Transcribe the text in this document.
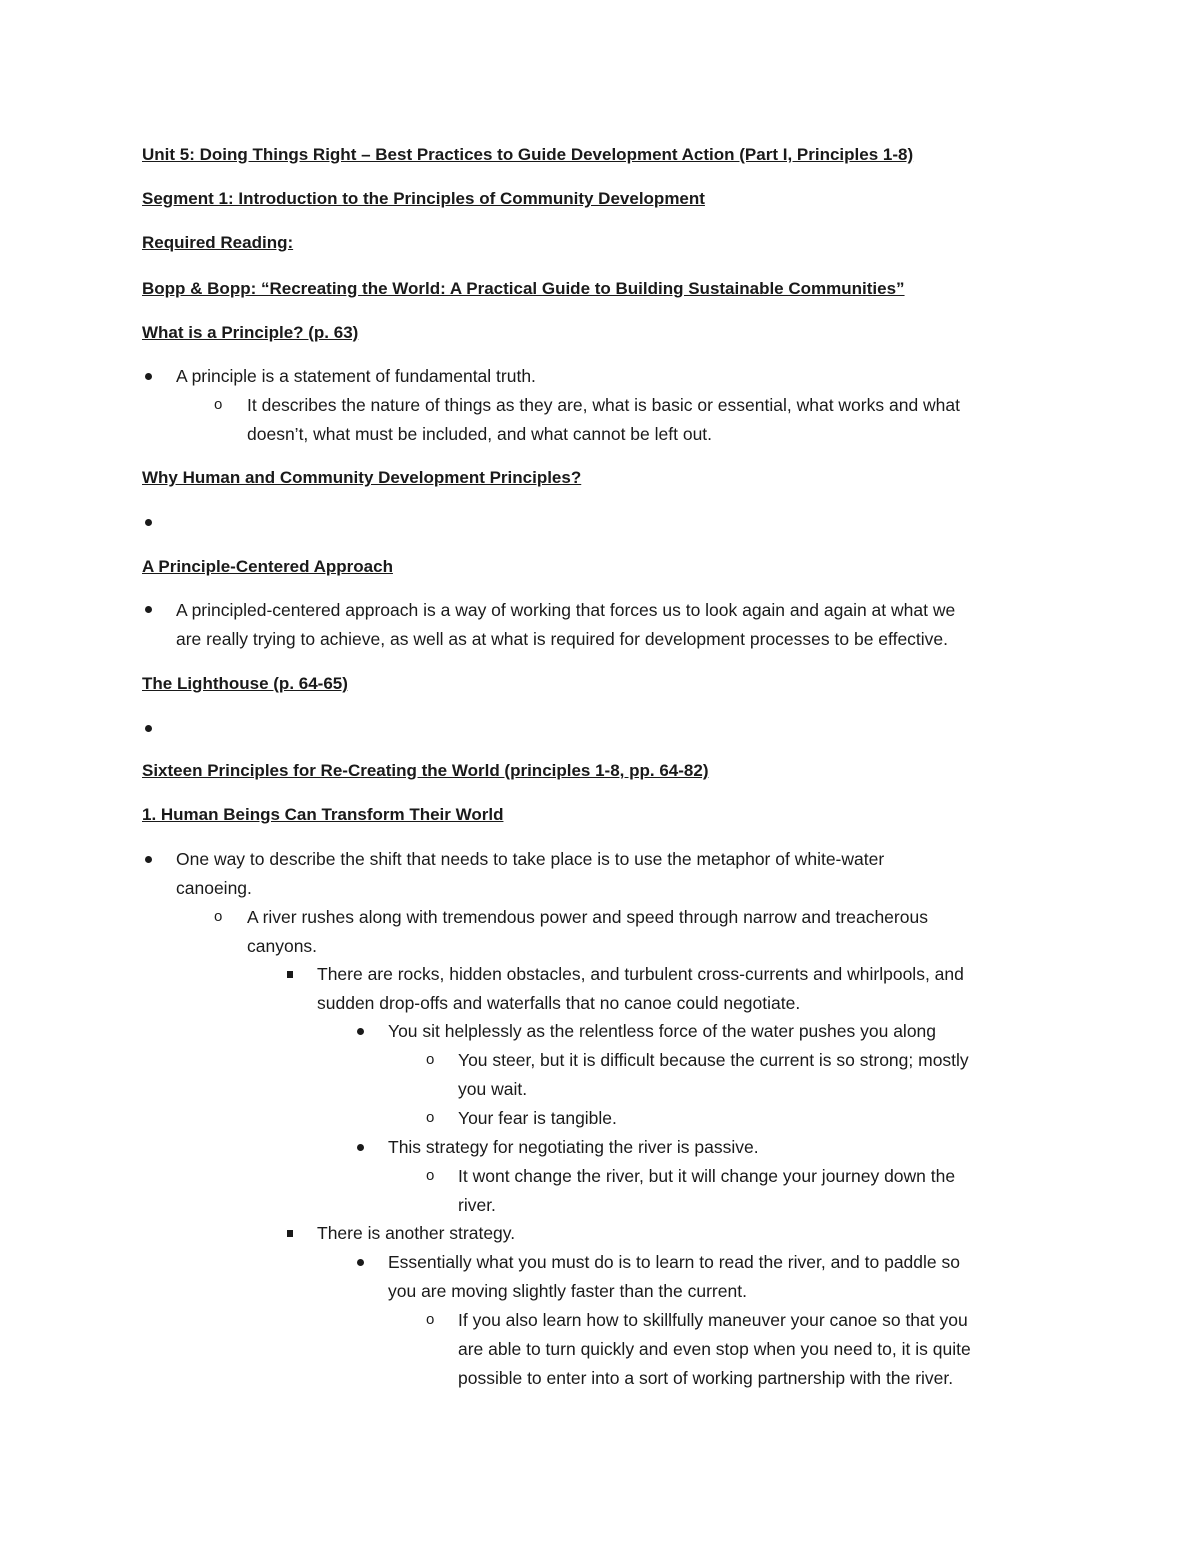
Unit 5: Doing Things Right – Best Practices to Guide Development Action (Part I, Principles 1-8)
Segment 1: Introduction to the Principles of Community Development
Required Reading:
Bopp & Bopp: “Recreating the World: A Practical Guide to Building Sustainable Communities”
What is a Principle? (p. 63)
A principle is a statement of fundamental truth.
o It describes the nature of things as they are, what is basic or essential, what works and what
doesn’t, what must be included, and what cannot be left out.
Why Human and Community Development Principles?
A Principle-Centered Approach
A principled-centered approach is a way of working that forces us to look again and again at what we
are really trying to achieve, as well as at what is required for development processes to be effective.
The Lighthouse (p. 64-65)
Sixteen Principles for Re-Creating the World (principles 1-8, pp. 64-82)
1. Human Beings Can Transform Their World
One way to describe the shift that needs to take place is to use the metaphor of white-water
canoeing.
o A river rushes along with tremendous power and speed through narrow and treacherous
canyons.
There are rocks, hidden obstacles, and turbulent cross-currents and whirlpools, and
sudden drop-offs and waterfalls that no canoe could negotiate.
You sit helplessly as the relentless force of the water pushes you along
o You steer, but it is difficult because the current is so strong; mostly
you wait.
o Your fear is tangible.
This strategy for negotiating the river is passive.
o It wont change the river, but it will change your journey down the
river.
There is another strategy.
Essentially what you must do is to learn to read the river, and to paddle so
you are moving slightly faster than the current.
o If you also learn how to skillfully maneuver your canoe so that you
are able to turn quickly and even stop when you need to, it is quite
possible to enter into a sort of working partnership with the river.
